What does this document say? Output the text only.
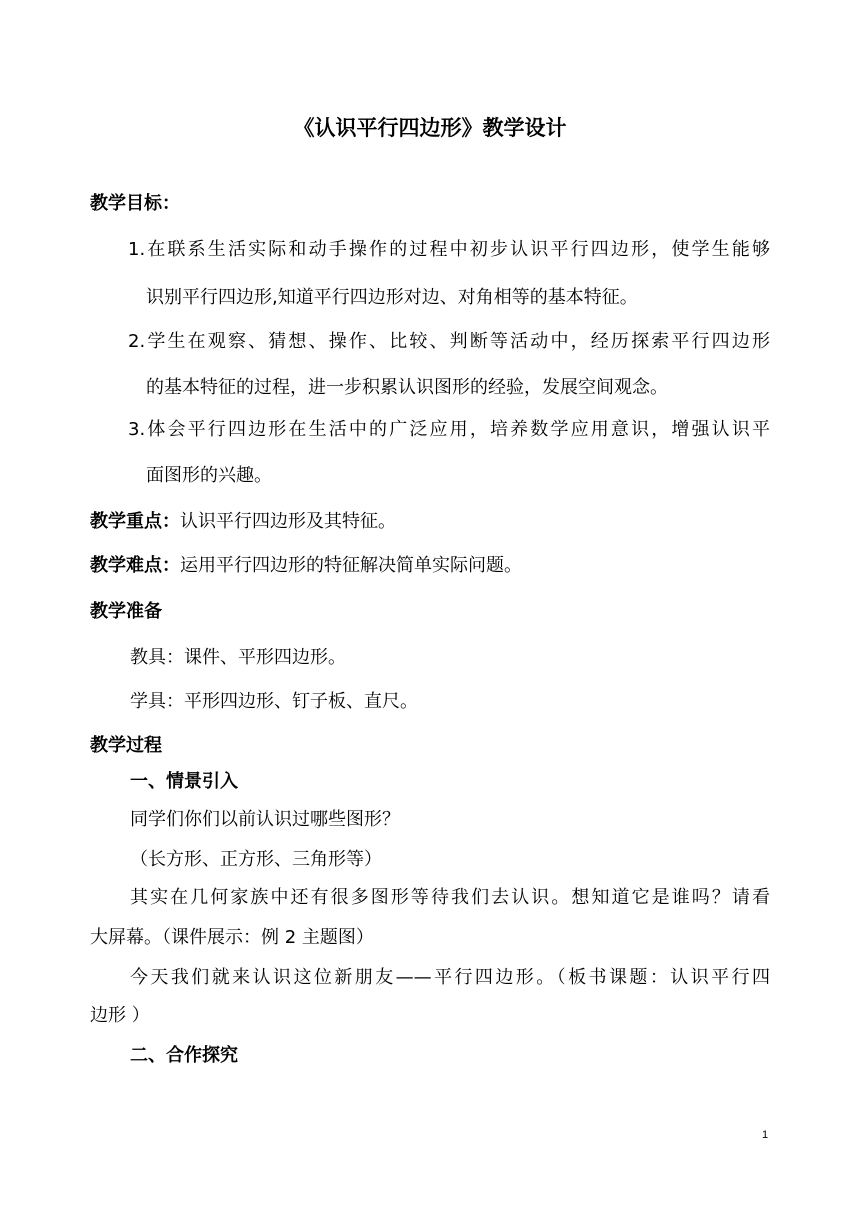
《认识平行四边形》教学设计
教学目标：
1.在联系生活实际和动手操作的过程中初步认识平行四边形，使学生能够
识别平行四边形,知道平行四边形对边、对角相等的基本特征。
2.学生在观察、猜想、操作、比较、判断等活动中，经历探索平行四边形
的基本特征的过程，进一步积累认识图形的经验，发展空间观念。
3.体会平行四边形在生活中的广泛应用，培养数学应用意识，增强认识平
面图形的兴趣。
教学重点：认识平行四边形及其特征。
教学难点：运用平行四边形的特征解决简单实际问题。
教学准备
教具：课件、平形四边形。
学具：平形四边形、钉子板、直尺。
教学过程
一、情景引入
同学们你们以前认识过哪些图形？
（长方形、正方形、三角形等）
其实在几何家族中还有很多图形等待我们去认识。想知道它是谁吗？请看
大屏幕。（课件展示：例 2 主题图）
今天我们就来认识这位新朋友——平行四边形。（板书课题：认识平行四
边形 ）
二、合作探究
1
